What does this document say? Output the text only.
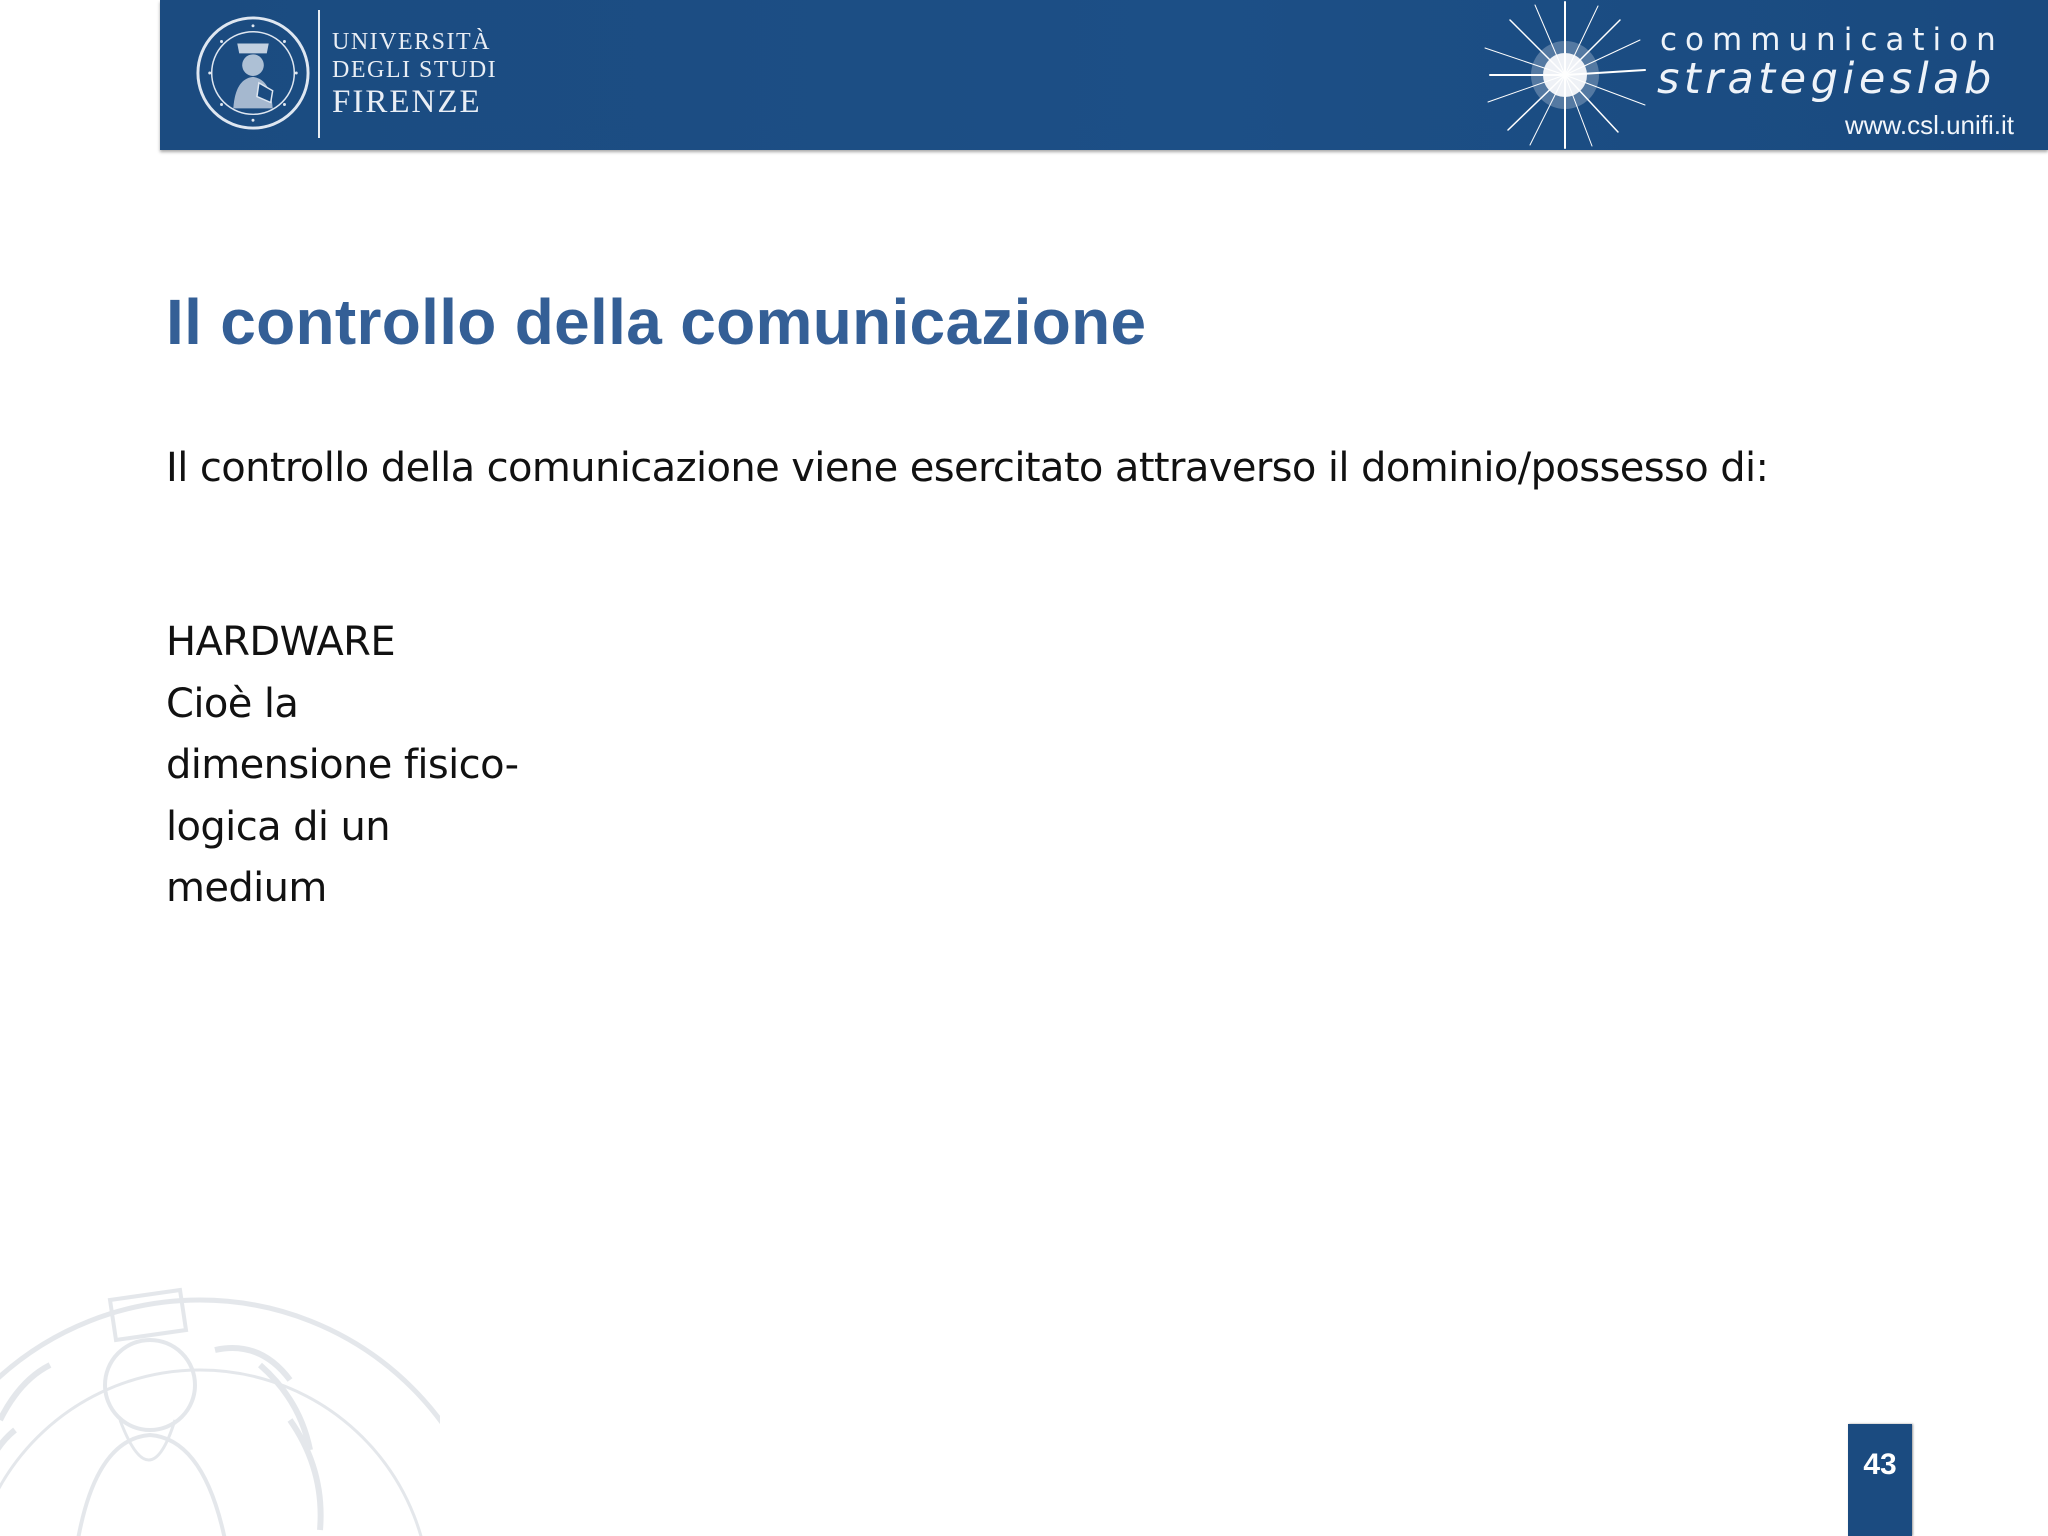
UNIVERSITÀ
DEGLI STUDI
FIRENZE
communication
strategieslab
www.csl.unifi.it
Il controllo della comunicazione
Il controllo della comunicazione viene esercitato attraverso il dominio/possesso di:
HARDWARE
Cioè la
dimensione fisico-
logica di un
medium
43
